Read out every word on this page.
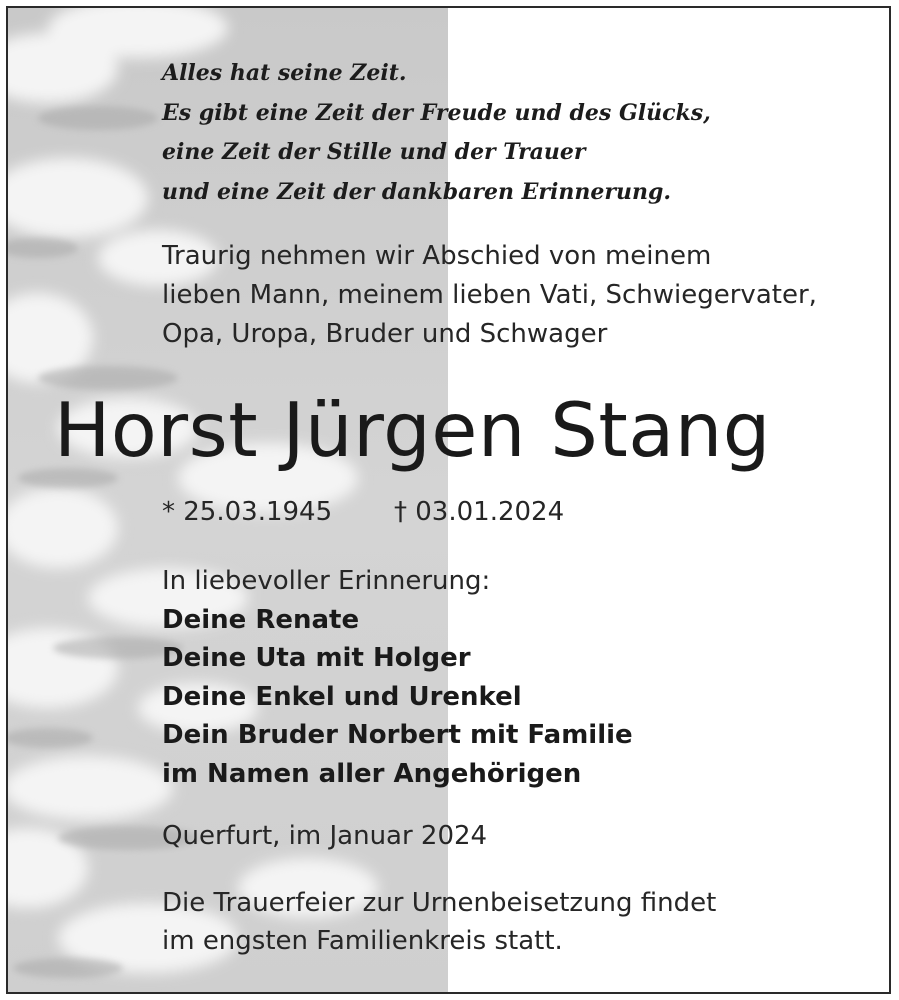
Alles hat seine Zeit.
Es gibt eine Zeit der Freude und des Glücks,
eine Zeit der Stille und der Trauer
und eine Zeit der dankbaren Erinnerung.
Traurig nehmen wir Abschied von meinem
lieben Mann, meinem lieben Vati, Schwiegervater,
Opa, Uropa, Bruder und Schwager
Horst Jürgen Stang
* 25.03.1945 † 03.01.2024
In liebevoller Erinnerung:
Deine Renate
Deine Uta mit Holger
Deine Enkel und Urenkel
Dein Bruder Norbert mit Familie
im Namen aller Angehörigen
Querfurt, im Januar 2024
Die Trauerfeier zur Urnenbeisetzung findet
im engsten Familienkreis statt.
